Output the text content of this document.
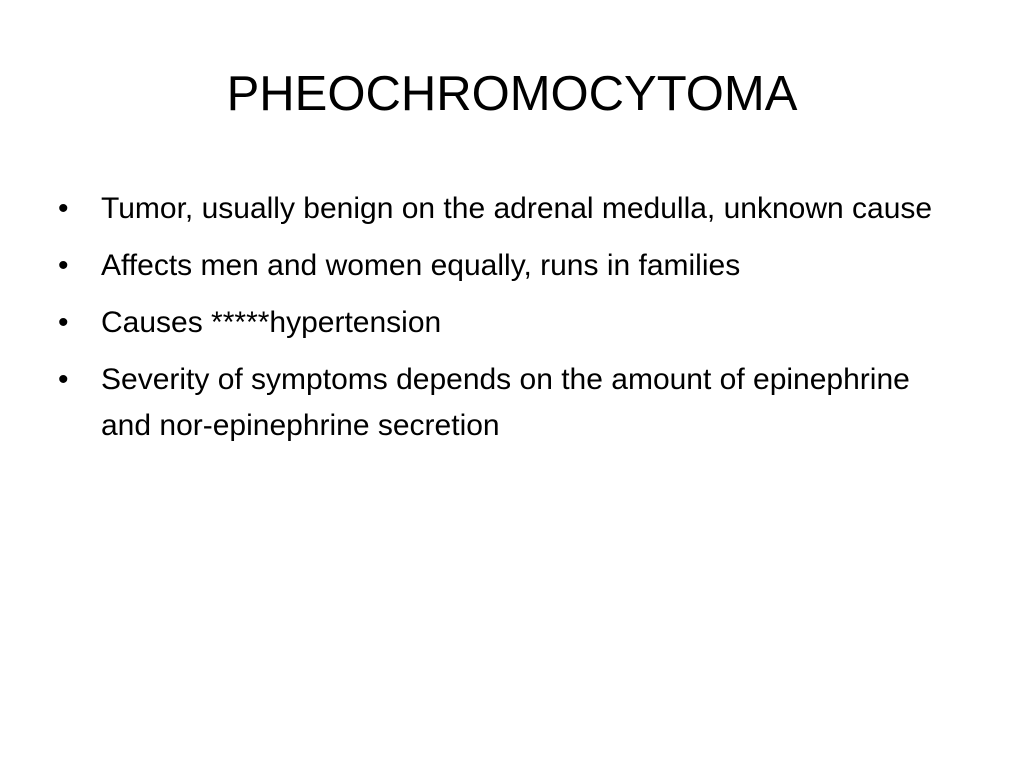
PHEOCHROMOCYTOMA
•	Tumor, usually benign on the adrenal medulla, unknown cause
•	Affects men and women equally, runs in families
•	Causes *****hypertension
•	Severity of symptoms depends on the amount of epinephrine and nor-epinephrine secretion
